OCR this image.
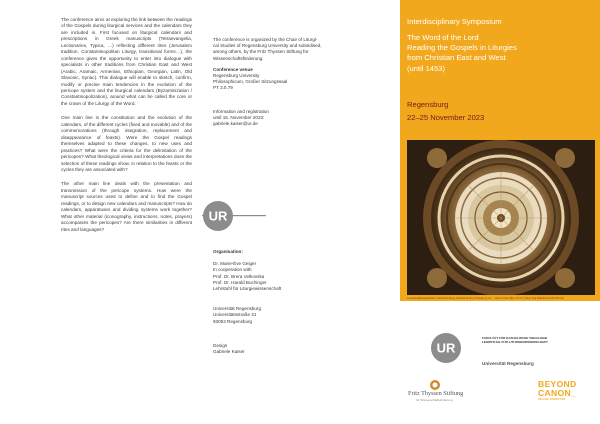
The conference aims at exploring the link between the readings of the Gospels during liturgical services and the calendars they are included in. First focused on liturgical calendars and prescriptions in Greek manuscripts (Tetraevangelia, Lectionaries, Typica, …) reflecting different rites (Jerusalem tradition, Constantinopolitan Liturgy, transitional forms…), the conference gives the opportunity to enter into dialogue with specialists in other traditions from Christian East and West (Arabic, Aramaic, Armenian, Ethiopian, Georgian, Latin, Old Slavonic, Syriac). This dialogue will enable to sketch, confirm, modify or precise main tendencies in the evolution of the pericope system and the liturgical calendars (Byzantinization / Constantinopolization), around what can be called the core or the crown of the Liturgy of the Word.

One main line is the constitution and the evolution of the calendars, of the different cycles (fixed and movable) and of the commemorations (through integration, replacement and disappearance of feasts). Were the Gospel readings themselves adapted to these changes, to new uses and practices? What were the criteria for the delimitation of the pericopes? What theological views and interpretations does the selection of these readings show, in relation to the feasts or the cycles they are associated with?

The other main line deals with the presentation and transmission of the pericope systems. How were the manuscript sources used to define and to find the Gospel readings, or to design new calendars and manuscripts? How do calendars, apparatuses and dividing systems work together? What other material (iconography, instructions, notes, prayers) accompanies the pericopes? Are there similarities in different rites and languages?

The conference is organized by the Chair of Liturgi-

cal Studies of Regensburg University and subsidised,

among others, by the Fritz Thyssen Stiftung für

Wissenschaftsförderung.

Conference venue

Regensburg University

Philosophicum, Großer Sitzungssaal

PT 3.0.79

Information and registration

until 15. November 2023:

gabriele.kaiser@ur.de

UR

Organisation:

Dr. Marie-Ève Geiger

In cooperation with

Prof. Dr. Brera Velkovska

Prof. Dr. Harald Buchinger

Lehrstuhl für Liturgiewissenschaft

Universität Regensburg

Universitätsstraße 31

93053 Regensburg

Design

Gabriele Kaiser

Interdisciplinary Symposium
The Word of the Lord
Reading the Gospels in Liturgies
from Christian East and West
(until 1453)
Regensburg
22–25 November 2023
Lectionary/Evangelistarium. Saint-Petersburg, National Library of Russia, gr. 21 … Velum in Kiev (Byz. 13 th c.) Hans Jörg Kaltenbrunner/CC BY-SA
UR
FAKULTÄT FÜR KATHOLISCHE THEOLOGIE
LEHRSTUHL FÜR LITURGIEWISSENSCHAFT
Universität Regensburg
Fritz Thyssen Stiftung
für Wissenschaftsförderung
BEYOND
CANON_
HEILIGE SCHRIFTEN
